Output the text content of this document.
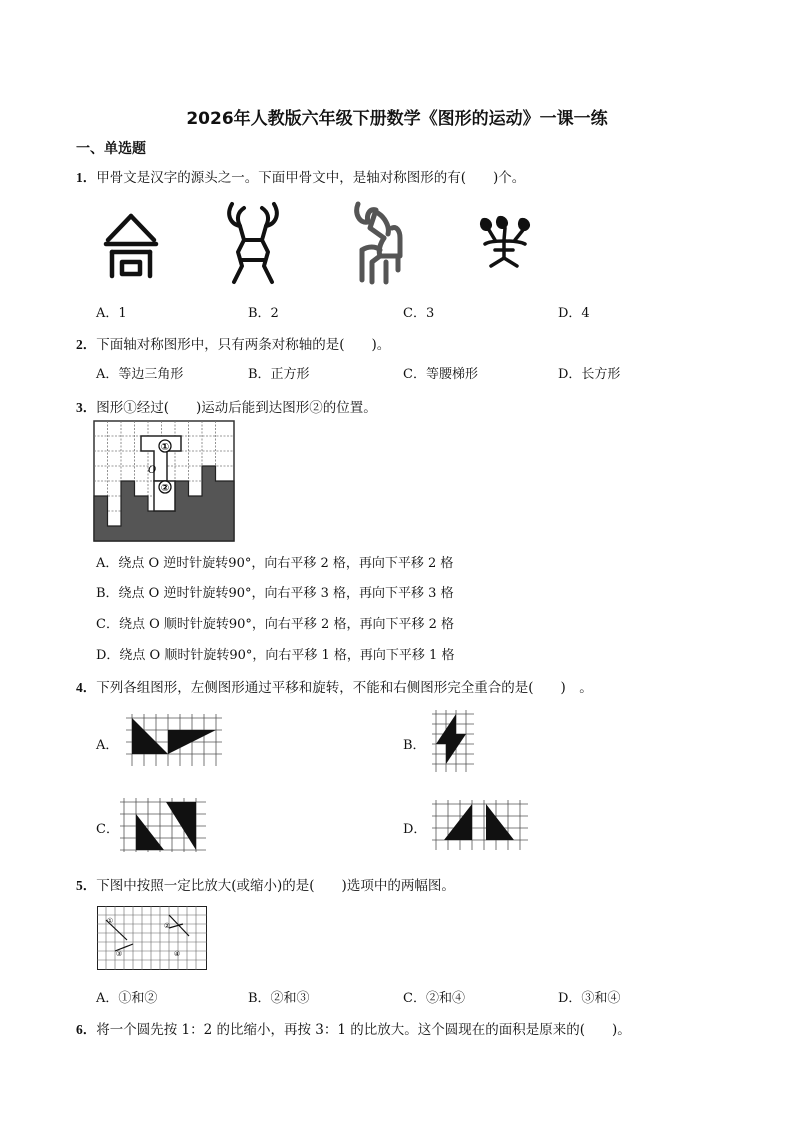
2026年人教版六年级下册数学《图形的运动》一课一练
一、单选题
1．甲骨文是汉字的源头之一。下面甲骨文中，是轴对称图形的有(　　)个。
A．1	B．2	C．3	D．4
2．下面轴对称图形中，只有两条对称轴的是(　　)。
A．等边三角形	B．正方形	C．等腰梯形	D．长方形
3．图形①经过(　　)运动后能到达图形②的位置。
①
②
O
A．绕点 O 逆时针旋转90°，向右平移 2 格，再向下平移 2 格
B．绕点 O 逆时针旋转90°，向右平移 3 格，再向下平移 3 格
C．绕点 O 顺时针旋转90°，向右平移 2 格，再向下平移 2 格
D．绕点 O 顺时针旋转90°，向右平移 1 格，再向下平移 1 格
4．下列各组图形，左侧图形通过平移和旋转，不能和右侧图形完全重合的是(　　)　。
A．	B．
C．	D．
5．下图中按照一定比放大(或缩小)的是(　　)选项中的两幅图。
①
②
③	④
A．①和②	B．②和③	C．②和④	D．③和④
6．将一个圆先按 1：2 的比缩小，再按 3：1 的比放大。这个圆现在的面积是原来的(　　)。
